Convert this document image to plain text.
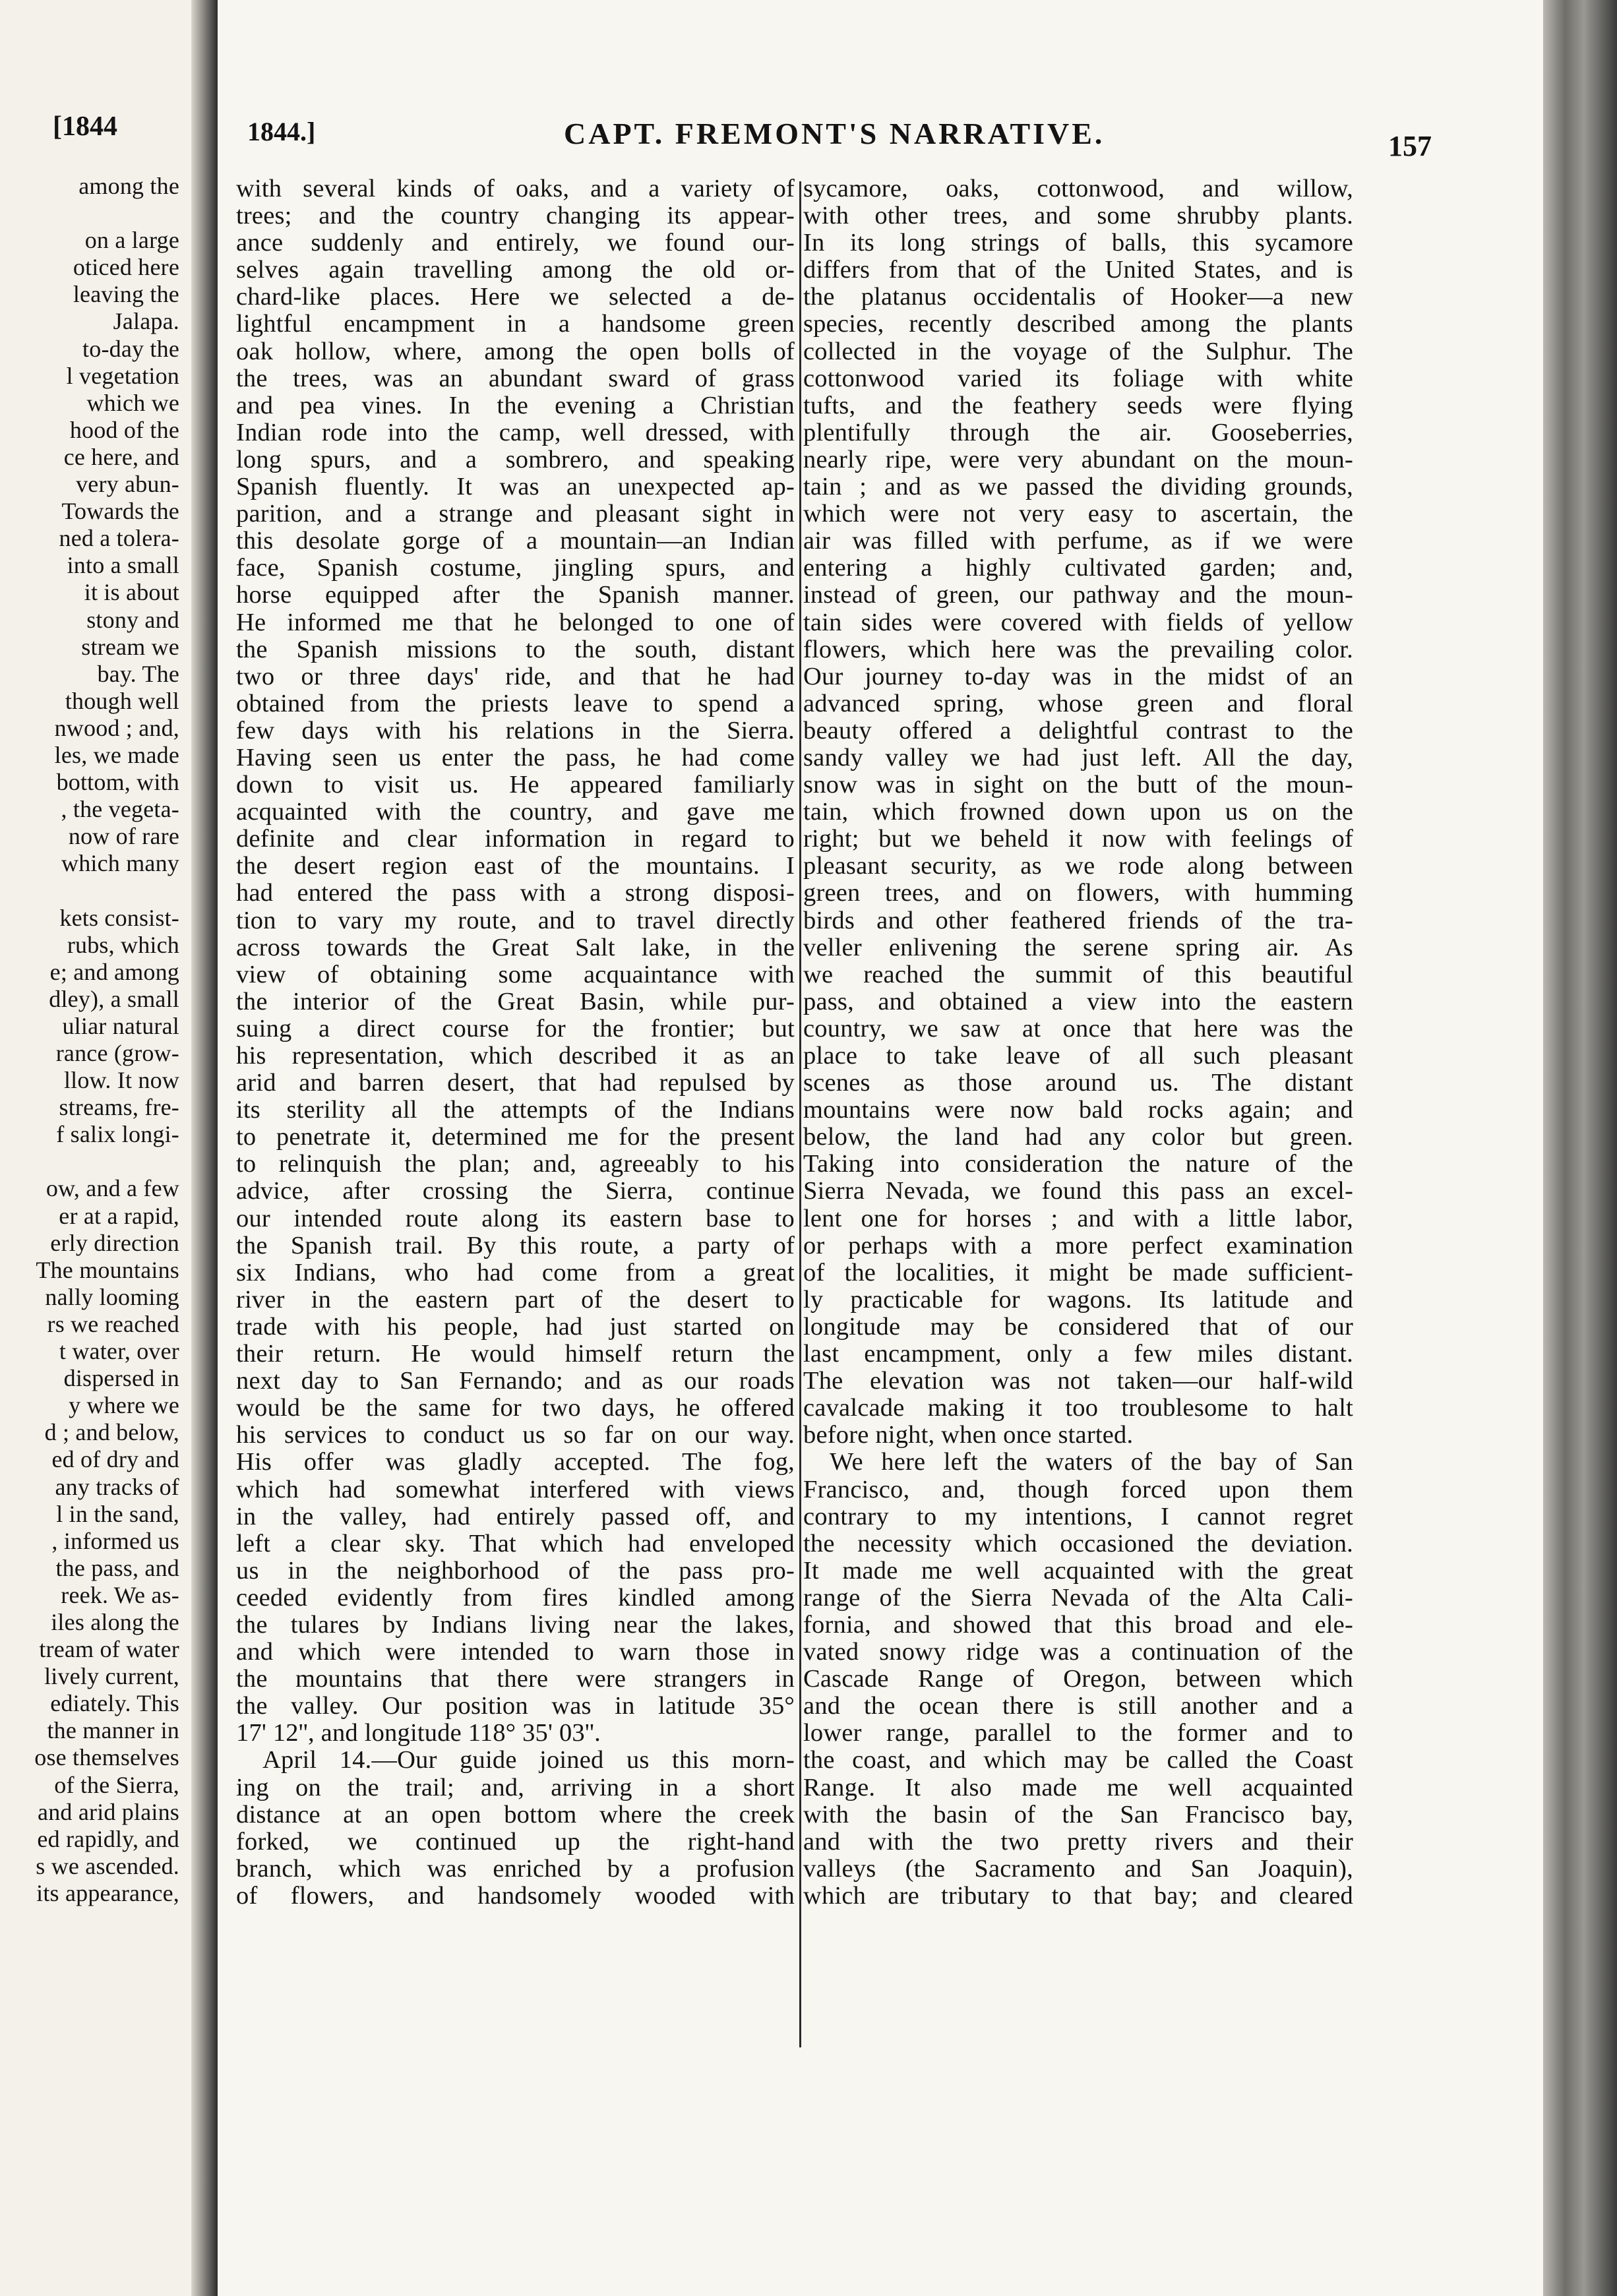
[1844
among the
on a large
oticed here
leaving the
Jalapa.
to-day the
l vegetation
which we
hood of the
ce here, and
very abun-
Towards the
ned a tolera-
into a small
it is about
stony and
stream we
bay. The
though well
nwood ; and,
les, we made
bottom, with
, the vegeta-
now of rare
which many
kets consist-
rubs, which
e; and among
dley), a small
uliar natural
rance (grow-
llow. It now
streams, fre-
f salix longi-
ow, and a few
er at a rapid,
erly direction
The mountains
nally looming
rs we reached
t water, over
dispersed in
y where we
d ; and below,
ed of dry and
any tracks of
l in the sand,
, informed us
the pass, and
reek. We as-
iles along the
tream of water
lively current,
ediately. This
the manner in
ose themselves
of the Sierra,
and arid plains
ed rapidly, and
s we ascended.
its appearance,
1844.]	CAPT. FREMONT'S NARRATIVE.	157
with several kinds of oaks, and a variety of
trees; and the country changing its appear-
ance suddenly and entirely, we found our-
selves again travelling among the old or-
chard-like places. Here we selected a de-
lightful encampment in a handsome green
oak hollow, where, among the open bolls of
the trees, was an abundant sward of grass
and pea vines. In the evening a Christian
Indian rode into the camp, well dressed, with
long spurs, and a sombrero, and speaking
Spanish fluently. It was an unexpected ap-
parition, and a strange and pleasant sight in
this desolate gorge of a mountain—an Indian
face, Spanish costume, jingling spurs, and
horse equipped after the Spanish manner.
He informed me that he belonged to one of
the Spanish missions to the south, distant
two or three days' ride, and that he had
obtained from the priests leave to spend a
few days with his relations in the Sierra.
Having seen us enter the pass, he had come
down to visit us. He appeared familiarly
acquainted with the country, and gave me
definite and clear information in regard to
the desert region east of the mountains. I
had entered the pass with a strong disposi-
tion to vary my route, and to travel directly
across towards the Great Salt lake, in the
view of obtaining some acquaintance with
the interior of the Great Basin, while pur-
suing a direct course for the frontier; but
his representation, which described it as an
arid and barren desert, that had repulsed by
its sterility all the attempts of the Indians
to penetrate it, determined me for the present
to relinquish the plan; and, agreeably to his
advice, after crossing the Sierra, continue
our intended route along its eastern base to
the Spanish trail. By this route, a party of
six Indians, who had come from a great
river in the eastern part of the desert to
trade with his people, had just started on
their return. He would himself return the
next day to San Fernando; and as our roads
would be the same for two days, he offered
his services to conduct us so far on our way.
His offer was gladly accepted. The fog,
which had somewhat interfered with views
in the valley, had entirely passed off, and
left a clear sky. That which had enveloped
us in the neighborhood of the pass pro-
ceeded evidently from fires kindled among
the tulares by Indians living near the lakes,
and which were intended to warn those in
the mountains that there were strangers in
the valley. Our position was in latitude 35°
17' 12'', and longitude 118° 35' 03''.
April 14.—Our guide joined us this morn-
ing on the trail; and, arriving in a short
distance at an open bottom where the creek
forked, we continued up the right-hand
branch, which was enriched by a profusion
of flowers, and handsomely wooded with
sycamore, oaks, cottonwood, and willow,
with other trees, and some shrubby plants.
In its long strings of balls, this sycamore
differs from that of the United States, and is
the platanus occidentalis of Hooker—a new
species, recently described among the plants
collected in the voyage of the Sulphur. The
cottonwood varied its foliage with white
tufts, and the feathery seeds were flying
plentifully through the air. Gooseberries,
nearly ripe, were very abundant on the moun-
tain ; and as we passed the dividing grounds,
which were not very easy to ascertain, the
air was filled with perfume, as if we were
entering a highly cultivated garden; and,
instead of green, our pathway and the moun-
tain sides were covered with fields of yellow
flowers, which here was the prevailing color.
Our journey to-day was in the midst of an
advanced spring, whose green and floral
beauty offered a delightful contrast to the
sandy valley we had just left. All the day,
snow was in sight on the butt of the moun-
tain, which frowned down upon us on the
right; but we beheld it now with feelings of
pleasant security, as we rode along between
green trees, and on flowers, with humming
birds and other feathered friends of the tra-
veller enlivening the serene spring air. As
we reached the summit of this beautiful
pass, and obtained a view into the eastern
country, we saw at once that here was the
place to take leave of all such pleasant
scenes as those around us. The distant
mountains were now bald rocks again; and
below, the land had any color but green.
Taking into consideration the nature of the
Sierra Nevada, we found this pass an excel-
lent one for horses ; and with a little labor,
or perhaps with a more perfect examination
of the localities, it might be made sufficient-
ly practicable for wagons. Its latitude and
longitude may be considered that of our
last encampment, only a few miles distant.
The elevation was not taken—our half-wild
cavalcade making it too troublesome to halt
before night, when once started.
We here left the waters of the bay of San
Francisco, and, though forced upon them
contrary to my intentions, I cannot regret
the necessity which occasioned the deviation.
It made me well acquainted with the great
range of the Sierra Nevada of the Alta Cali-
fornia, and showed that this broad and ele-
vated snowy ridge was a continuation of the
Cascade Range of Oregon, between which
and the ocean there is still another and a
lower range, parallel to the former and to
the coast, and which may be called the Coast
Range. It also made me well acquainted
with the basin of the San Francisco bay,
and with the two pretty rivers and their
valleys (the Sacramento and San Joaquin),
which are tributary to that bay; and cleared
